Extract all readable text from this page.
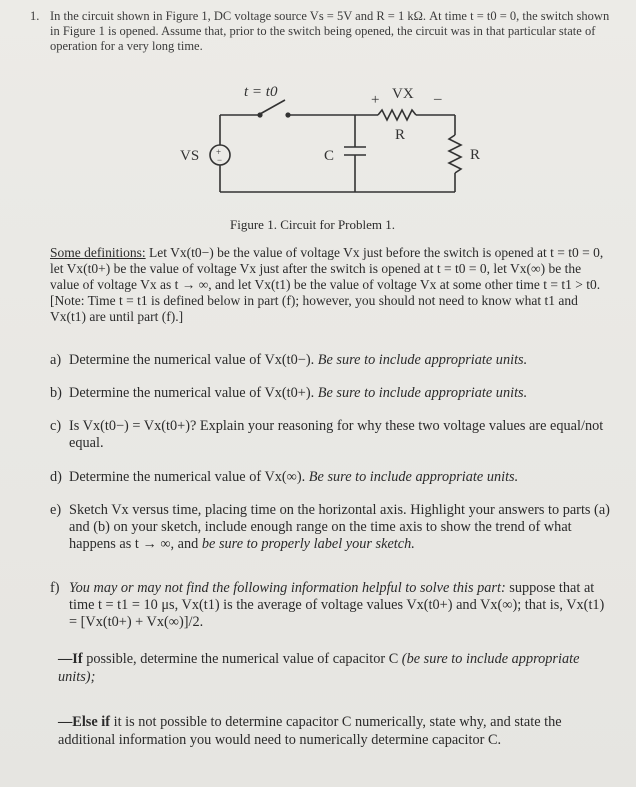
1. In the circuit shown in Figure 1, DC voltage source Vs = 5V and R = 1 kΩ. At time t = t0 = 0, the switch shown in Figure 1 is opened. Assume that, prior to the switch being opened, the circuit was in that particular state of operation for a very long time.
+
−
t = t0
VS	C
R
R
+ VX –
Figure 1. Circuit for Problem 1.
Some definitions: Let Vx(t0−) be the value of voltage Vx just before the switch is opened at t = t0 = 0, let Vx(t0+) be the value of voltage Vx just after the switch is opened at t = t0 = 0, let Vx(∞) be the value of voltage Vx as t → ∞, and let Vx(t1) be the value of voltage Vx at some other time t = t1 > t0. [Note: Time t = t1 is defined below in part (f); however, you should not need to know what t1 and Vx(t1) are until part (f).]
a) Determine the numerical value of Vx(t0−). Be sure to include appropriate units.
b) Determine the numerical value of Vx(t0+). Be sure to include appropriate units.
c) Is Vx(t0−) = Vx(t0+)? Explain your reasoning for why these two voltage values are equal/not equal.
d) Determine the numerical value of Vx(∞). Be sure to include appropriate units.
e) Sketch Vx versus time, placing time on the horizontal axis. Highlight your answers to parts (a) and (b) on your sketch, include enough range on the time axis to show the trend of what happens as t → ∞, and be sure to properly label your sketch.
f) You may or may not find the following information helpful to solve this part: suppose that at time t = t1 = 10 μs, Vx(t1) is the average of voltage values Vx(t0+) and Vx(∞); that is, Vx(t1) = [Vx(t0+) + Vx(∞)]/2.
—If possible, determine the numerical value of capacitor C (be sure to include appropriate units);
—Else if it is not possible to determine capacitor C numerically, state why, and state the additional information you would need to numerically determine capacitor C.
